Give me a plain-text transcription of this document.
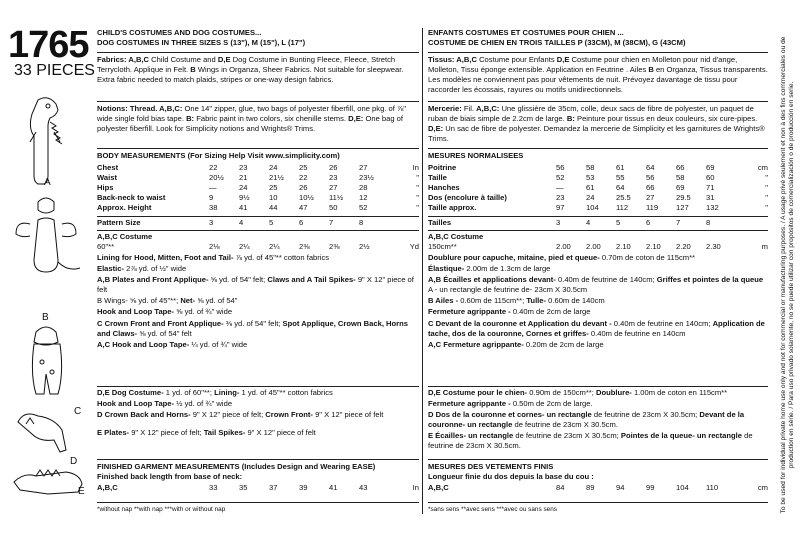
1765
33 PIECES
A
B
C
D
E

CHILD'S COSTUMES AND DOG COSTUMES...

DOG COSTUMES IN THREE SIZES S (13"), M (15"), L (17")

Fabrics: A,B,C Child Costume and D,E Dog Costume in Bunting Fleece, Fleece, Stretch Terrycloth. Applique in Felt. B Wings in Organza, Sheer Fabrics. Not suitable for sleepwear. Extra fabric needed to match plaids, stripes or one-way design fabrics.

Notions: Thread. A,B,C: One 14" zipper, glue, two bags of polyester fiberfill, one pkg. of ⅞" wide single fold bias tape. B: Fabric paint in two colors, six chenille stems. D,E: One bag of polyester fiberfill. Look for Simplicity notions and Wrights® Trims.

BODY MEASUREMENTS (For Sizing Help Visit www.simplicity.com)
Chest	22	23	24	25	26	27	In
Waist	20½	21	21½	22	23	23½	"
Hips	—	24	25	26	27	28	"
Back-neck to waist	9	9½	10	10½	11½	12	"
Approx. Height	38	41	44	47	50	52	"
Pattern Size	3	4	5	6	7	8	

A,B,C Costume

60"**	2⅛	2¼	2¼	2⅜	2⅜	2½	Yd

Lining for Hood, Mitten, Foot and Tail- ⅞ yd. of 45"** cotton fabrics

Elastic- 2⅞ yd. of ½" wide

A,B Plates and Front Applique- ⅝ yd. of 54" felt; Claws and A Tail Spikes- 9" X 12" piece of felt

B Wings- ⅝ yd. of 45"**; Net- ⅝ yd. of 54"

Hook and Loop Tape- ⅝ yd. of ¾" wide

C Crown Front and Front Applique- ⅜ yd. of 54" felt; Spot Applique, Crown Back, Horns and Claws- ⅝ yd. of 54" felt

A,C Hook and Loop Tape- ¼ yd. of ¾" wide

D,E Dog Costume- 1 yd. of 60"**; Lining- 1 yd. of 45"** cotton fabrics

Hook and Loop Tape- ½ yd. of ¾" wide

D Crown Back and Horns- 9" X 12" piece of felt; Crown Front- 9" X 12" piece of felt

E Plates- 9" X 12" piece of felt; Tail Spikes- 9" X 12" piece of felt

FINISHED GARMENT MEASUREMENTS (Includes Design and Wearing EASE)

Finished back length from base of neck:

A,B,C	33	35	37	39	41	43	In
*without nap **with nap ***with or without nap

ENFANTS COSTUMES ET COSTUMES POUR CHIEN ...

COSTUME DE CHIEN EN TROIS TAILLES P (33CM), M (38CM), G (43CM)

Tissus: A,B,C Costume pour Enfants D,E Costume pour chien en Molleton pour nid d'ange, Molleton, Tissu éponge extensible. Application en Feutrine . Ailes B en Organza, Tissus transparents. Les modèles ne conviennent pas pour vêtements de nuit. Prévoyez davantage de tissu pour raccorder les écossais, rayures ou motifs unidirectionnels.

Mercerie: Fil. A,B,C: Une glissière de 35cm, colle, deux sacs de fibre de polyester, un paquet de ruban de biais simple de 2.2cm de large. B: Peinture pour tissus en deux couleurs, six cure-pipes. D,E: Un sac de fibre de polyester. Demandez la mercerie de Simplicity et les garnitures de Wrights® Trims.

MESURES NORMALISEES
Poitrine	56	58	61	64	66	69	cm
Taille	52	53	55	56	58	60	"
Hanches	—	61	64	66	69	71	"
Dos (encolure à taille)	23	24	25.5	27	29.5	31	"
Taille approx.	97	104	112	119	127	132	"
Tailles	3	4	5	6	7	8	

A,B,C Costume

150cm**	2.00	2.00	2.10	2.10	2.20	2.30	m

Doublure pour capuche, mitaine, pied et queue- 0.70m de coton de 115cm**

Élastique- 2.00m de 1.3cm de large

A,B Écailles et applications devant- 0.40m de feutrine de 140cm; Griffes et pointes de la queue A - un rectangle de feutrine de- 23cm X 30.5cm

B Ailes - 0.60m de 115cm**; Tulle- 0.60m de 140cm

Fermeture agrippante - 0.40m de 2cm de large

C Devant de la couronne et Application du devant - 0.40m de feutrine en 140cm; Application de tache, dos de la couronne, Cornes et griffes- 0.40m de feutrine en 140cm

A,C Fermeture agrippante- 0.20m de 2cm de large

D,E Costume pour le chien- 0.90m de 150cm**; Doublure- 1.00m de coton en 115cm**

Fermeture agrippante - 0.50m de 2cm de large.

D Dos de la couronne et cornes- un rectangle de feutrine de 23cm X 30.5cm; Devant de la couronne- un rectangle de feutrine de 23cm X 30.5cm.

E Écailles- un rectangle de feutrine de 23cm X 30.5cm; Pointes de la queue- un rectangle de feutrine de 23cm X 30.5cm.

MESURES DES VETEMENTS FINIS

Longueur finie du dos depuis la base du cou :

A,B,C	84	89	94	99	104	110	cm
*sans sens **avec sens ***avec ou sans sens	To be used for individual private home use only and not for commercial or manufacturing purposes. / A usage privé seulement et non à des fins commerciales ou de production en série. / Para uso privado solamente, no se puede utilizar con propósitos de comercialización o de producción en serie.
